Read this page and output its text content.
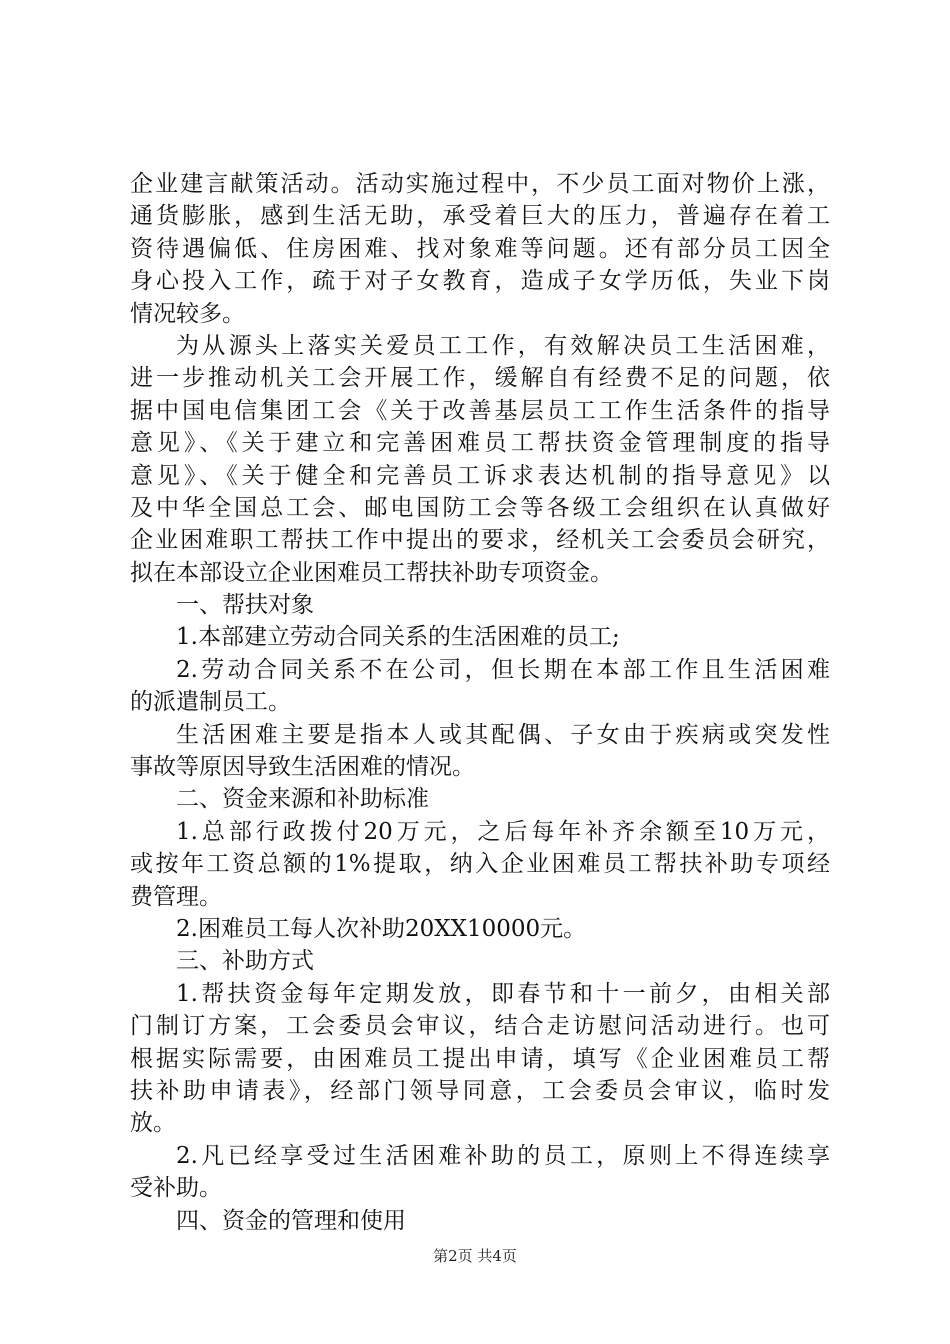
企业建言献策活动。活动实施过程中，不少员工面对物价上涨，
通货膨胀，感到生活无助，承受着巨大的压力，普遍存在着工
资待遇偏低、住房困难、找对象难等问题。还有部分员工因全
身心投入工作，疏于对子女教育，造成子女学历低，失业下岗
情况较多。
为从源头上落实关爱员工工作，有效解决员工生活困难，
进一步推动机关工会开展工作，缓解自有经费不足的问题，依
据中国电信集团工会《关于改善基层员工工作生活条件的指导
意见》、《关于建立和完善困难员工帮扶资金管理制度的指导
意见》、《关于健全和完善员工诉求表达机制的指导意见》以
及中华全国总工会、邮电国防工会等各级工会组织在认真做好
企业困难职工帮扶工作中提出的要求，经机关工会委员会研究，
拟在本部设立企业困难员工帮扶补助专项资金。
一、帮扶对象
1.本部建立劳动合同关系的生活困难的员工;
2.劳动合同关系不在公司，但长期在本部工作且生活困难
的派遣制员工。
生活困难主要是指本人或其配偶、子女由于疾病或突发性
事故等原因导致生活困难的情况。
二、资金来源和补助标准
1.总部行政拨付20万元，之后每年补齐余额至10万元，
或按年工资总额的1%提取，纳入企业困难员工帮扶补助专项经
费管理。
2.困难员工每人次补助20XX10000元。
三、补助方式
1.帮扶资金每年定期发放，即春节和十一前夕，由相关部
门制订方案，工会委员会审议，结合走访慰问活动进行。也可
根据实际需要，由困难员工提出申请，填写《企业困难员工帮
扶补助申请表》，经部门领导同意，工会委员会审议，临时发
放。
2.凡已经享受过生活困难补助的员工，原则上不得连续享
受补助。
四、资金的管理和使用
第2页 共4页
